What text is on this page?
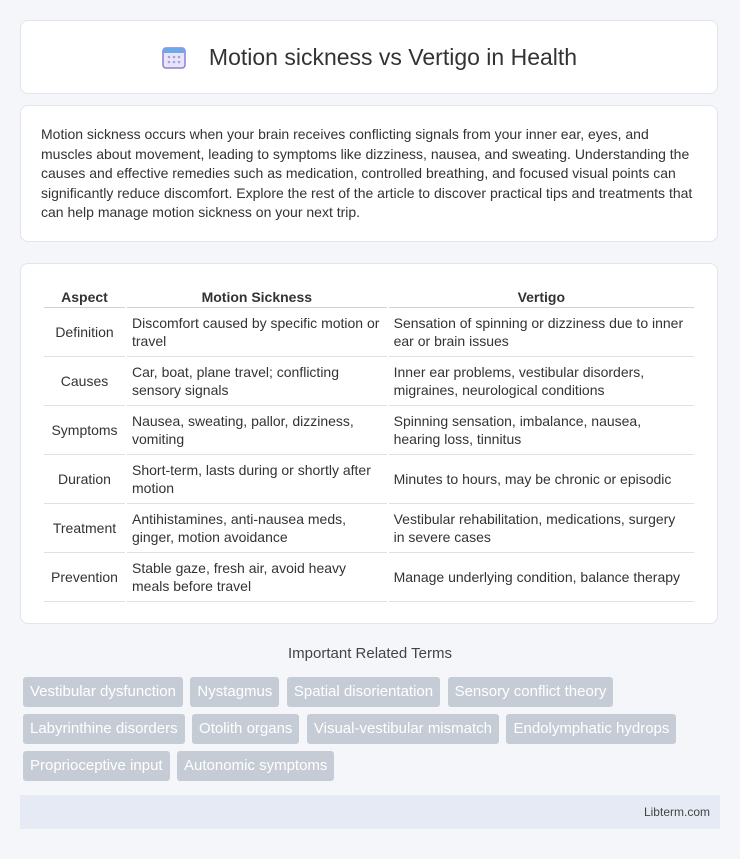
Motion sickness vs Vertigo in Health

Motion sickness occurs when your brain receives conflicting signals from your inner ear, eyes, and muscles about movement, leading to symptoms like dizziness, nausea, and sweating. Understanding the causes and effective remedies such as medication, controlled breathing, and focused visual points can significantly reduce discomfort. Explore the rest of the article to discover practical tips and treatments that can help manage motion sickness on your next trip.

Aspect	Motion Sickness	Vertigo
Definition	Discomfort caused by specific motion or travel	Sensation of spinning or dizziness due to inner ear or brain issues
Causes	Car, boat, plane travel; conflicting sensory signals	Inner ear problems, vestibular disorders, migraines, neurological conditions
Symptoms	Nausea, sweating, pallor, dizziness, vomiting	Spinning sensation, imbalance, nausea, hearing loss, tinnitus
Duration	Short-term, lasts during or shortly after motion	Minutes to hours, may be chronic or episodic
Treatment	Antihistamines, anti-nausea meds, ginger, motion avoidance	Vestibular rehabilitation, medications, surgery in severe cases
Prevention	Stable gaze, fresh air, avoid heavy meals before travel	Manage underlying condition, balance therapy
Important Related Terms
Vestibular dysfunction Nystagmus Spatial disorientation Sensory conflict theory Labyrinthine disorders Otolith organs Visual-vestibular mismatch Endolymphatic hydrops Proprioceptive input Autonomic symptoms
Libterm.com
